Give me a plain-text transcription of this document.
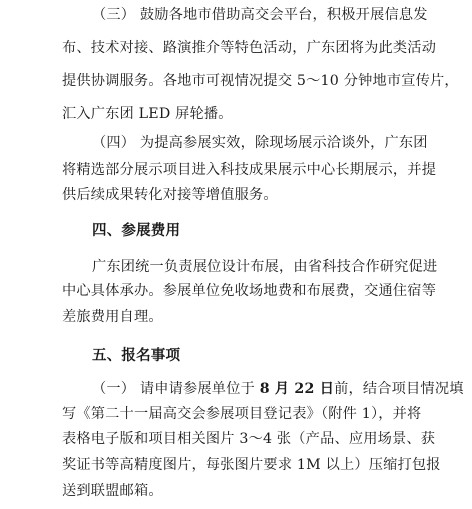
（三） 鼓励各地市借助高交会平台，积极开展信息发
布、技术对接、路演推介等特色活动，广东团将为此类活动
提供协调服务。各地市可视情况提交 5～10 分钟地市宣传片，
汇入广东团 LED 屏轮播。
（四） 为提高参展实效，除现场展示洽谈外，广东团
将精选部分展示项目进入科技成果展示中心长期展示，并提
供后续成果转化对接等增值服务。
四、参展费用
广东团统一负责展位设计布展，由省科技合作研究促进
中心具体承办。参展单位免收场地费和布展费，交通住宿等
差旅费用自理。
五、报名事项
（一） 请申请参展单位于 8 月 22 日前，结合项目情况填
写《第二十一届高交会参展项目登记表》（附件 1），并将
表格电子版和项目相关图片 3～4 张（产品、应用场景、获
奖证书等高精度图片，每张图片要求 1M 以上）压缩打包报
送到联盟邮箱。
